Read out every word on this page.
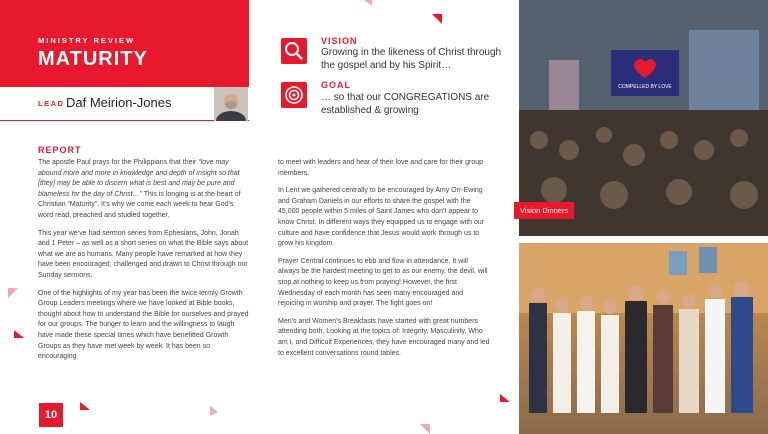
MINISTRY REVIEW
MATURITY
LEAD Daf Meirion-Jones
VISION
Growing in the likeness of Christ through the gospel and by his Spirit…
GOAL
… so that our CONGREGATIONS are established & growing
REPORT

The apostle Paul prays for the Philippians that their “love may abound more and more in knowledge and depth of insight so that [they] may be able to discern what is best and may be pure and blameless for the day of Christ…” This is longing is at the heart of Christian “Maturity”. It’s why we come each week to hear God’s word read, preached and studied together.

This year we’ve had sermon series from Ephesians, John, Jonah and 1 Peter – as well as a short series on what the Bible says about what we are as humans. Many people have remarked at how they have been encouraged, challenged and drawn to Christ through our Sunday sermons.

One of the highlights of my year has been the twice termly Growth Group Leaders meetings where we have looked at Bible books, thought about how to understand the Bible for ourselves and prayed for our groups. The hunger to learn and the willingness to laugh have made these special times which have benefitted Growth Groups as they have met week by week. It has been so encouraging

to meet with leaders and hear of their love and care for their group members.

In Lent we gathered centrally to be encouraged by Amy Orr-Ewing and Graham Daniels in our efforts to share the gospel with the 45,000 people within 5 miles of Saint James who don’t appear to know Christ. In different ways they equipped us to engage with our culture and have confidence that Jesus would work through us to grow his kingdom.

Prayer Central continues to ebb and flow in attendance. It will always be the hardest meeting to get to as our enemy, the devil, will stop at nothing to keep us from praying! However, the first Wednesday of each month has seen many encouraged and rejoicing in worship and prayer. The fight goes on!

Men’s and Women’s Breakfasts have started with great numbers attending both. Looking at the topics of: Integrity, Masculinity, Who am I, and Difficult Experiences, they have encouraged many and led to excellent conversations round tables.

COMPELLED BY LOVE
Vision Dinners
10
